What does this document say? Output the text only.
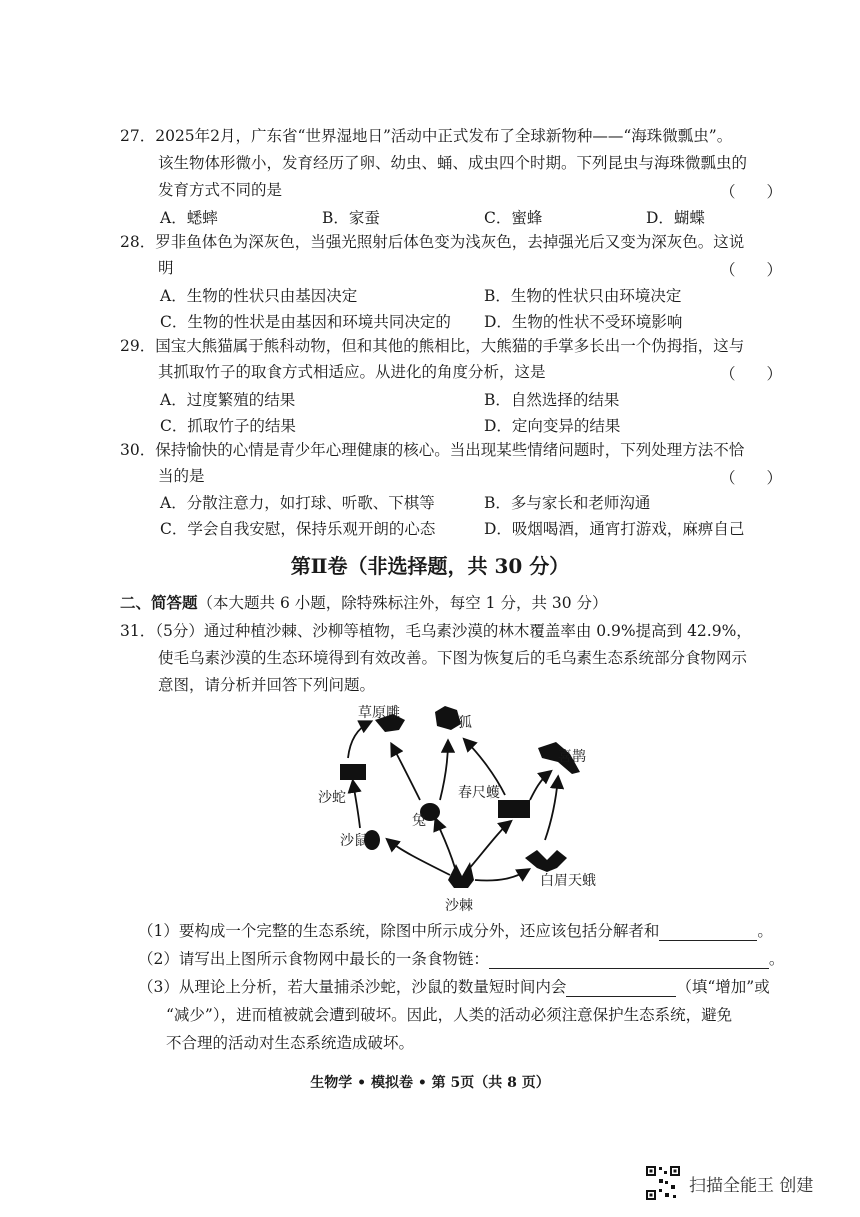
27．2025年2月，广东省“世界湿地日”活动中正式发布了全球新物种——“海珠微瓢虫”。
该生物体形微小，发育经历了卵、幼虫、蛹、成虫四个时期。下列昆虫与海珠微瓢虫的
发育方式不同的是	（　　）
A．蟋蟀	B．家蚕	C．蜜蜂	D．蝴蝶
28．罗非鱼体色为深灰色，当强光照射后体色变为浅灰色，去掉强光后又变为深灰色。这说
明	（　　）
A．生物的性状只由基因决定	B．生物的性状只由环境决定
C．生物的性状是由基因和环境共同决定的 D．生物的性状不受环境影响
29．国宝大熊猫属于熊科动物，但和其他的熊相比，大熊猫的手掌多长出一个伪拇指，这与
其抓取竹子的取食方式相适应。从进化的角度分析，这是	（　　）
A．过度繁殖的结果	B．自然选择的结果
C．抓取竹子的结果	D．定向变异的结果
30．保持愉快的心情是青少年心理健康的核心。当出现某些情绪问题时，下列处理方法不恰
当的是	（　　）
A．分散注意力，如打球、听歌、下棋等	B．多与家长和老师沟通
C．学会自我安慰，保持乐观开朗的心态	D．吸烟喝酒，通宵打游戏，麻痹自己
第Ⅱ卷（非选择题，共 30 分）
二、简答题（本大题共 6 小题，除特殊标注外，每空 1 分，共 30 分）
31．（5分）通过种植沙棘、沙柳等植物，毛乌素沙漠的林木覆盖率由 0.9%提高到 42.9%，
使毛乌素沙漠的生态环境得到有效改善。下图为恢复后的毛乌素生态系统部分食物网示
意图，请分析并回答下列问题。
草原雕
狐
喜鹊
沙蛇
兔
春尺蠖
沙鼠
白眉天蛾
沙棘
（1）要构成一个完整的生态系统，除图中所示成分外，还应该包括分解者和	。
（2）请写出上图所示食物网中最长的一条食物链：	。
（3）从理论上分析，若大量捕杀沙蛇，沙鼠的数量短时间内会	（填“增加”或
“减少”），进而植被就会遭到破坏。因此，人类的活动必须注意保护生态系统，避免
不合理的活动对生态系统造成破坏。
生物学 • 模拟卷 • 第 5页（共 8 页）
扫描全能王 创建
